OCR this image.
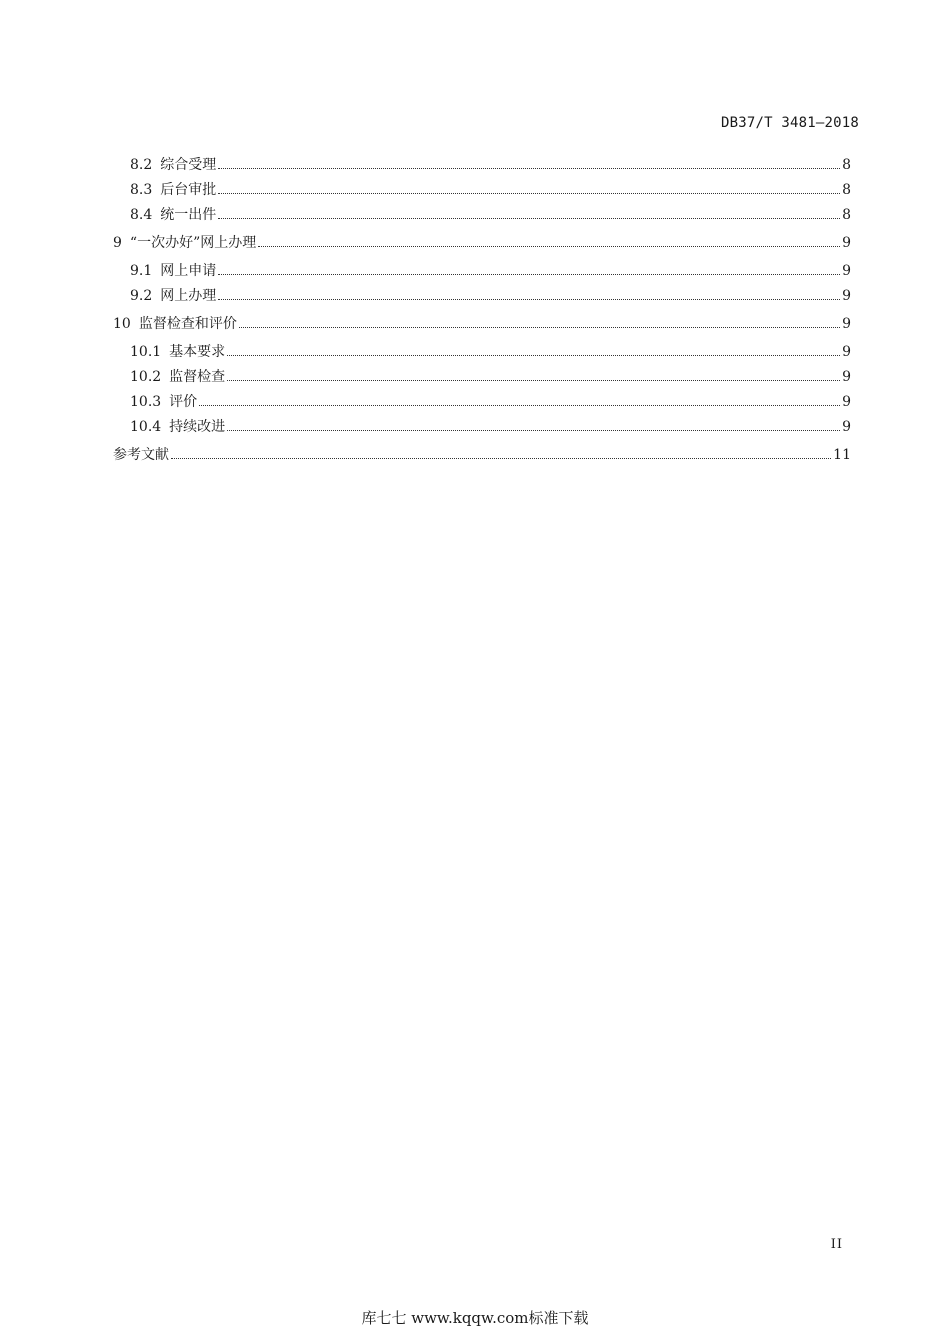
DB37/T 3481—2018
8.2 综合受理	8
8.3 后台审批	8
8.4 统一出件	8
9 “一次办好”网上办理	9
9.1 网上申请	9
9.2 网上办理	9
10 监督检查和评价	9
10.1 基本要求	9
10.2 监督检查	9
10.3 评价	9
10.4 持续改进	9
参考文献	11
II
库七七 www.kqqw.com标准下载
